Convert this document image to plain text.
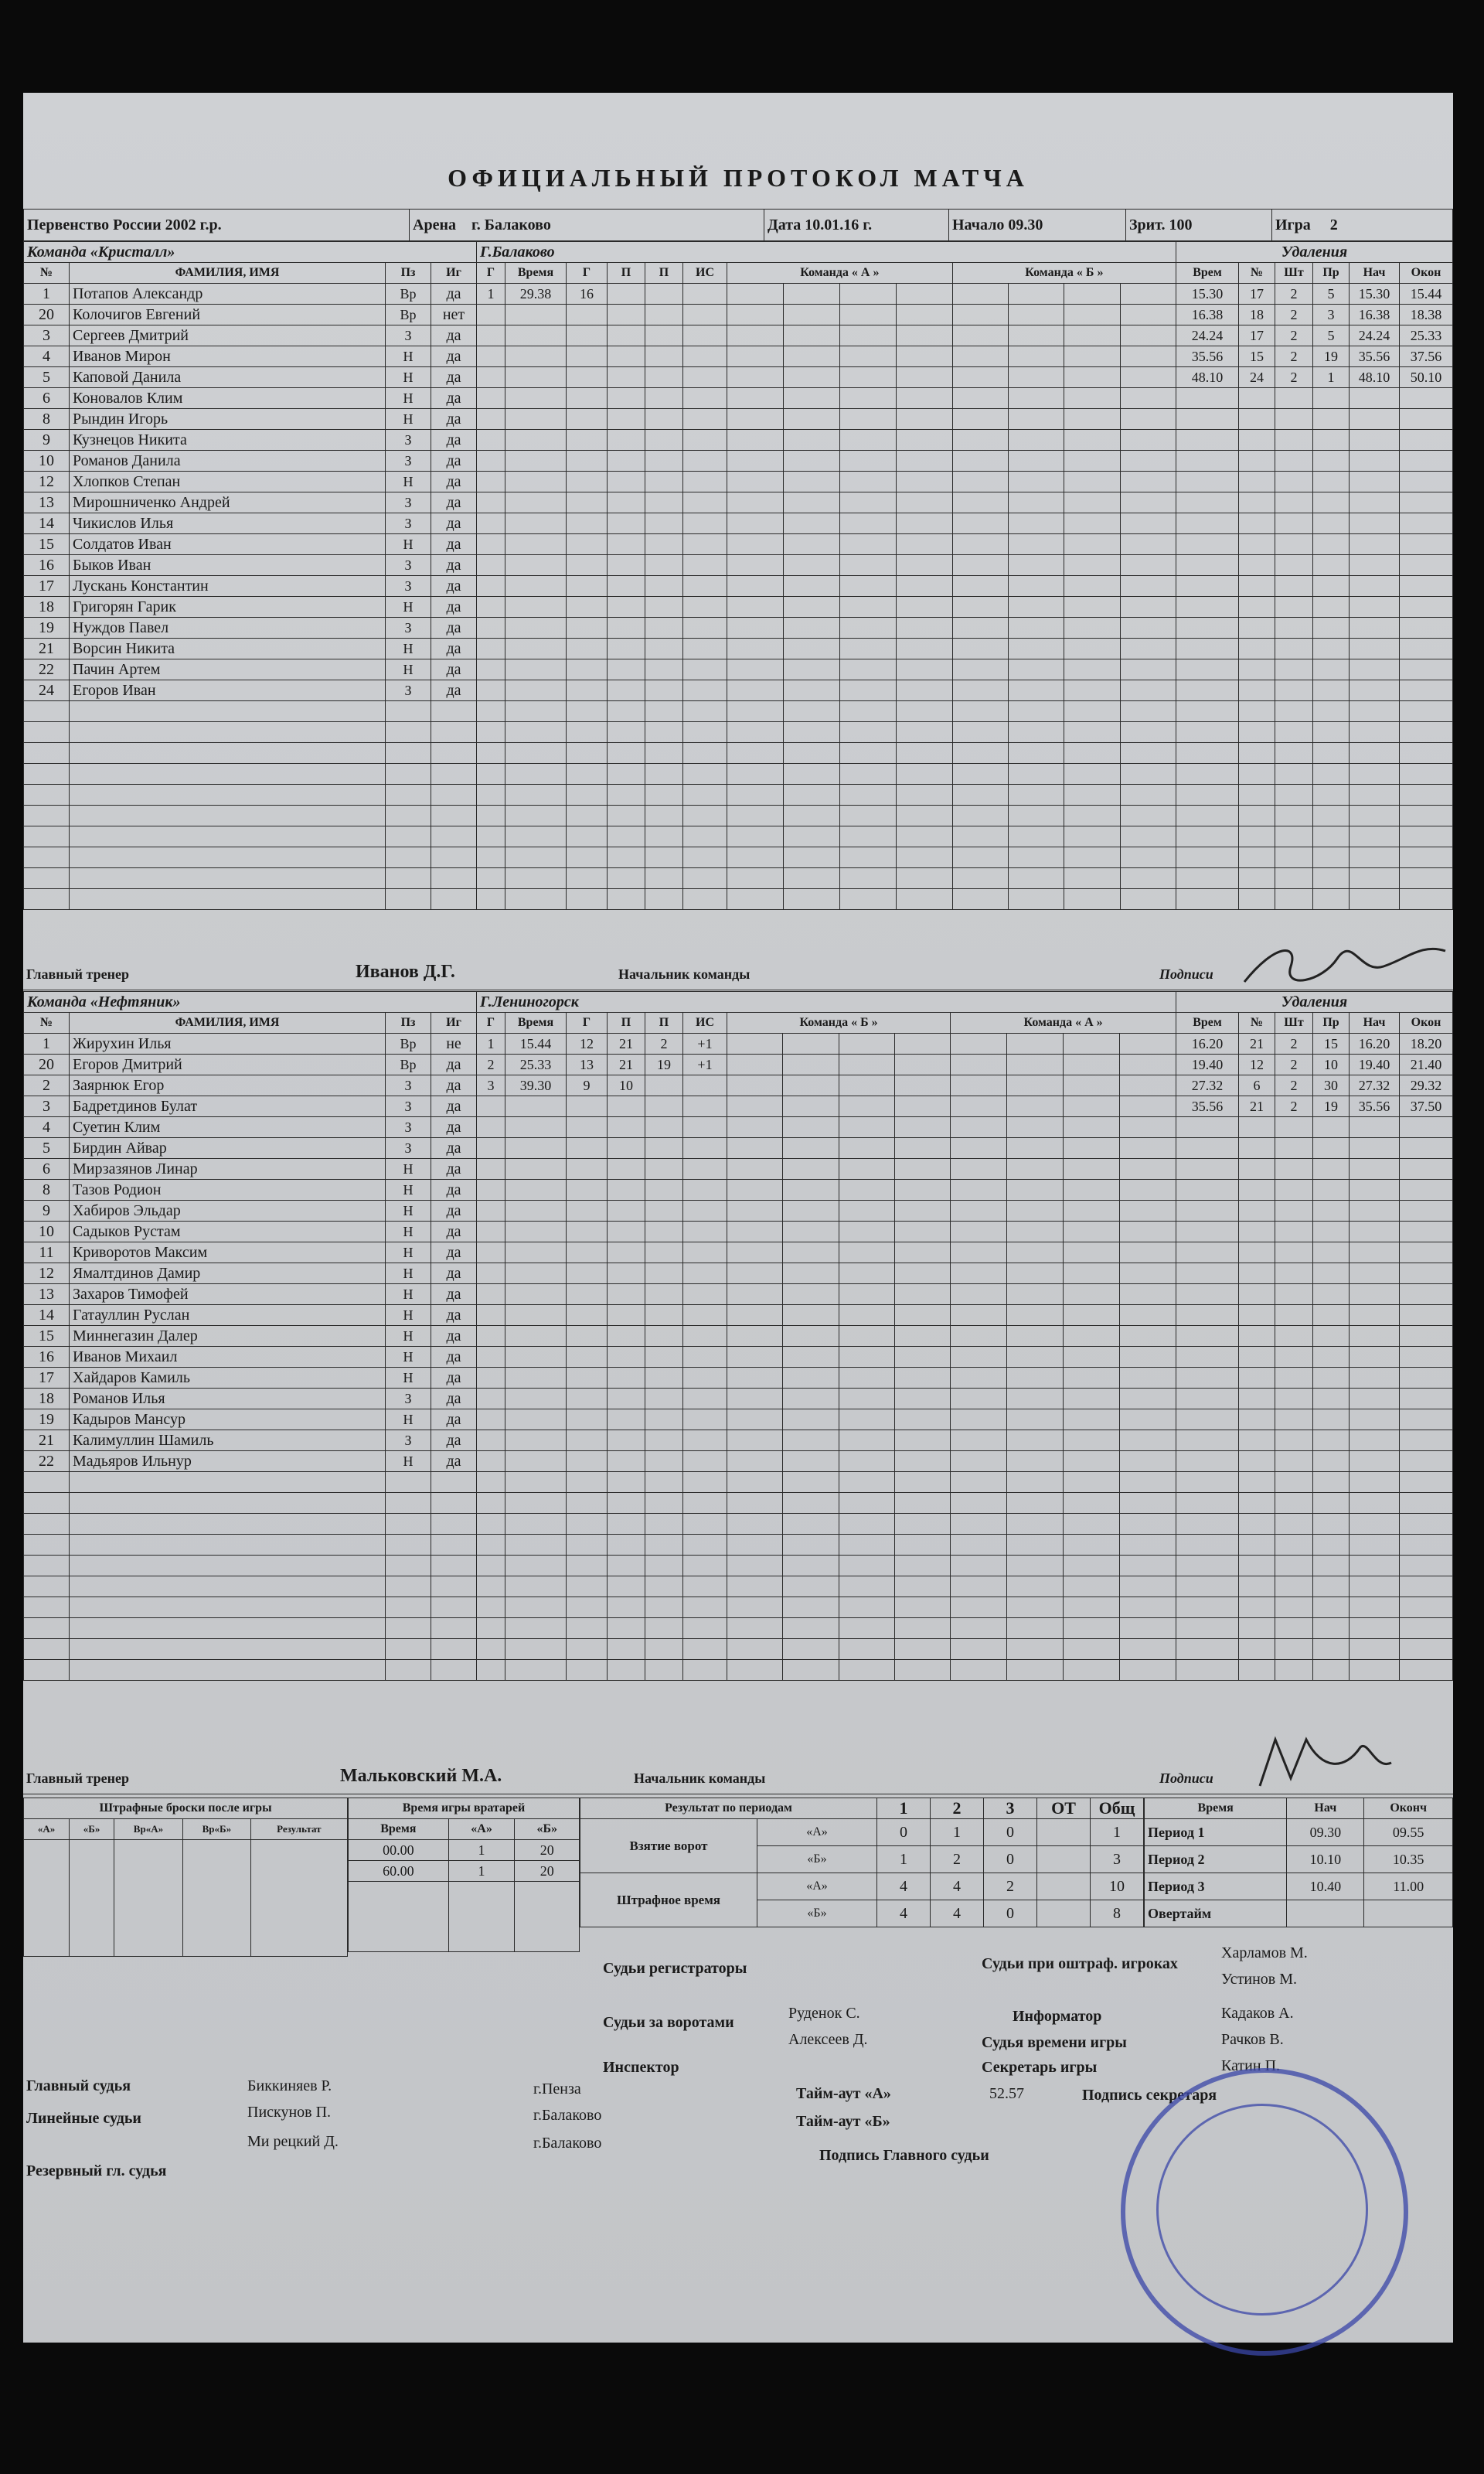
ОФИЦИАЛЬНЫЙ ПРОТОКОЛ МАТЧА
Первенство России 2002 г.р.	Арена г. Балаково	Дата 10.01.16 г.	Начало 09.30	Зрит. 100	Игра 2
Команда «Кристалл»				Г.Балаково														Удаления					
№	ФАМИЛИЯ, ИМЯ	Пз	Иг	Г	Время	Г	П	П	ИС	Команда « А »				Команда « Б »				Врем	№	Шт	Пр	Нач	Окон
1	Потапов Александр	Вр	да	1	29.38	16												15.30	17	2	5	15.30	15.44
20	Колочигов Евгений	Вр	нет															16.38	18	2	3	16.38	18.38
3	Сергеев Дмитрий	З	да															24.24	17	2	5	24.24	25.33
4	Иванов Мирон	Н	да															35.56	15	2	19	35.56	37.56
5	Каповой Данила	Н	да															48.10	24	2	1	48.10	50.10
6	Коновалов Клим	Н	да																				
8	Рындин Игорь	Н	да																				
9	Кузнецов Никита	З	да																				
10	Романов Данила	З	да																				
12	Хлопков Степан	Н	да																				
13	Мирошниченко Андрей	З	да																				
14	Чикислов Илья	З	да																				
15	Солдатов Иван	Н	да																				
16	Быков Иван	З	да																				
17	Лускань Константин	З	да																				
18	Григорян Гарик	Н	да																				
19	Нуждов Павел	З	да																				
21	Ворсин Никита	Н	да																				
22	Пачин Артем	Н	да																				
24	Егоров Иван	З	да																				

Главный тренер	Иванов Д.Г.	Начальник команды	Подписи
Команда «Нефтяник»				Г.Лениногорск														Удаления					
№	ФАМИЛИЯ, ИМЯ	Пз	Иг	Г	Время	Г	П	П	ИС	Команда « Б »				Команда « А »				Врем	№	Шт	Пр	Нач	Окон
1	Жирухин Илья	Вр	не	1	15.44	12	21	2	+1									16.20	21	2	15	16.20	18.20
20	Егоров Дмитрий	Вр	да	2	25.33	13	21	19	+1									19.40	12	2	10	19.40	21.40
2	Заярнюк Егор	З	да	3	39.30	9	10											27.32	6	2	30	27.32	29.32
3	Бадретдинов Булат	З	да															35.56	21	2	19	35.56	37.50
4	Суетин Клим	З	да																				
5	Бирдин Айвар	З	да																				
6	Мирзазянов Линар	Н	да																				
8	Тазов Родион	Н	да																				
9	Хабиров Эльдар	Н	да																				
10	Садыков Рустам	Н	да																				
11	Криворотов Максим	Н	да																				
12	Ямалтдинов Дамир	Н	да																				
13	Захаров Тимофей	Н	да																				
14	Гатауллин Руслан	Н	да																				
15	Миннегазин Далер	Н	да																				
16	Иванов Михаил	Н	да																				
17	Хайдаров Камиль	Н	да																				
18	Романов Илья	З	да																				
19	Кадыров Мансур	Н	да																				
21	Калимуллин Шамиль	З	да																				
22	Мадьяров Ильнур	Н	да																				

Главный тренер	Мальковский М.А.	Начальник команды	Подписи
Штрафные броски после игры				
«А»	«Б»	Вр«А»	Вр«Б»	Результат

Время игры вратарей		
Время	«А»	«Б»
00.00	1	20
60.00	1	20

Результат по периодам		1	2	3	ОТ	Общ
Взятие ворот	«А»	0	1	0		1
	«Б»	1	2	0		3
Штрафное время	«А»	4	4	2		10
	«Б»	4	4	0		8
Время	Нач	Оконч
Период 1	09.30	09.55
Период 2	10.10	10.35
Период 3	10.40	11.00
Овертайм		
Судьи регистраторы	Судьи при оштраф. игроках
Харламов М.
Устинов М.
Судьи за воротами
Руденок С.
Алексеев Д.
Информатор	Кадаков А.
Судья времени игры	Рачков В.
Инспектор	Секретарь игры	Катин П.
Главный судья	Биккиняев Р.	г.Пенза
Линейные судьи	Пискунов П.	г.Балаково
Ми рецкий Д.	г.Балаково
Резервный гл. судья
Тайм-аут «А»	52.57
Тайм-аут «Б»
Подпись секретаря
Подпись Главного судьи
